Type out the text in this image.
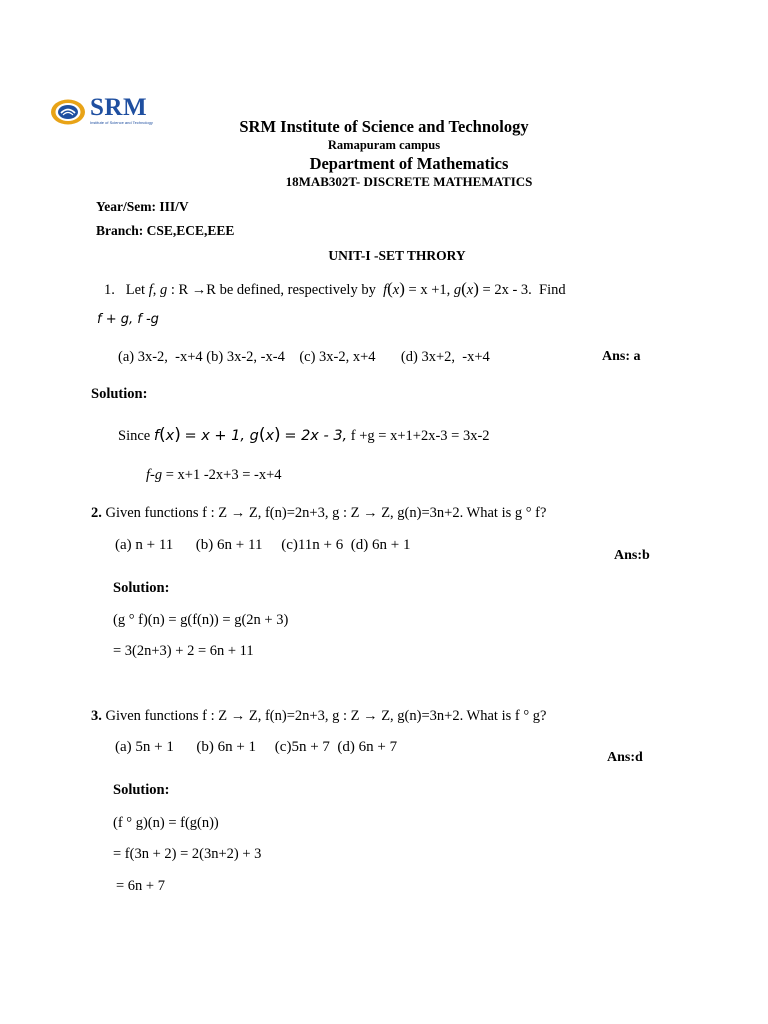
SRM
Institute of Science and Technology	SRM Institute of Science and Technology
Ramapuram campus
Department of Mathematics
18MAB302T- DISCRETE MATHEMATICS
Year/Sem: III/V
Branch: CSE,ECE,EEE
UNIT-I -SET THRORY
1. Let f, g : R →R be defined, respectively by f(x) = x +1, g(x) = 2x - 3. Find
f + g, f -g
(a) 3x-2,  -x+4 (b) 3x-2, -x-4    (c) 3x-2, x+4       (d) 3x+2,  -x+4	Ans: a
Solution:
Since f(x) = x + 1, g(x) = 2x - 3, f +g = x+1+2x-3 = 3x-2
f-g = x+1 -2x+3 = -x+4
2. Given functions f : Z → Z, f(n)=2n+3, g : Z → Z, g(n)=3n+2. What is g ° f?
(a) n + 11      (b) 6n + 11     (c)11n + 6  (d) 6n + 1
Ans:b
Solution:
(g ° f)(n) = g(f(n)) = g(2n + 3)
= 3(2n+3) + 2 = 6n + 11
3. Given functions f : Z → Z, f(n)=2n+3, g : Z → Z, g(n)=3n+2. What is f ° g?
(a) 5n + 1      (b) 6n + 1     (c)5n + 7  (d) 6n + 7
Ans:d
Solution:
(f ° g)(n) = f(g(n))
= f(3n + 2) = 2(3n+2) + 3
= 6n + 7
